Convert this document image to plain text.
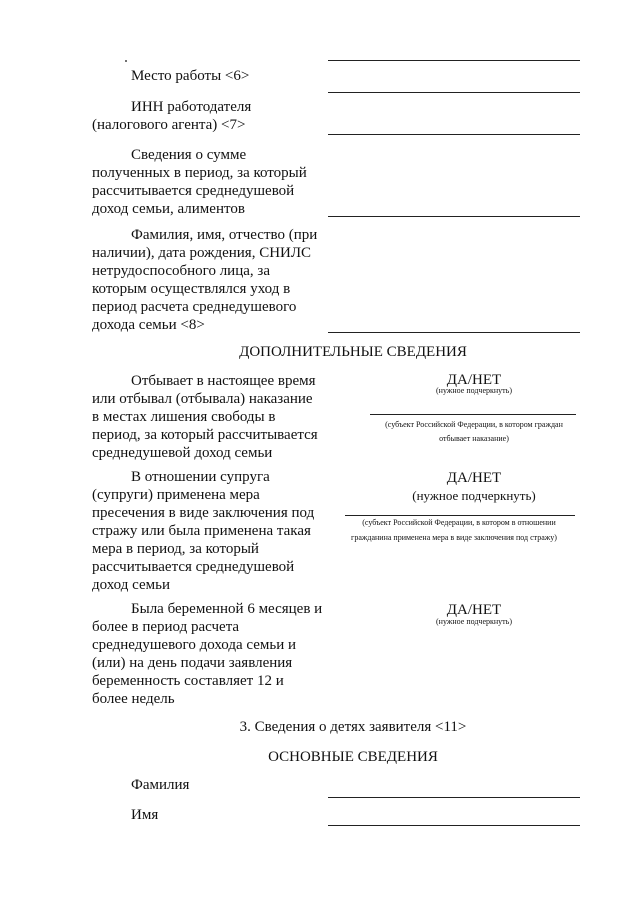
Место работы <6>
ИНН работодателя
(налогового агента) <7>
Сведения о сумме
полученных в период, за который
рассчитывается среднедушевой
доход семьи, алиментов
Фамилия, имя, отчество (при
наличии), дата рождения, СНИЛС
нетрудоспособного лица, за
которым осуществлялся уход в
период расчета среднедушевого
дохода семьи <8>
ДОПОЛНИТЕЛЬНЫЕ СВЕДЕНИЯ
Отбывает в настоящее время
или отбывал (отбывала) наказание
в местах лишения свободы в
период, за который рассчитывается
среднедушевой доход семьи
ДА/НЕТ
(нужное подчеркнуть)
(субъект Российской Федерации, в котором граждан
отбывает наказание)
В отношении супруга
(супруги) применена мера
пресечения в виде заключения под
стражу или была применена такая
мера в период, за который
рассчитывается среднедушевой
доход семьи
ДА/НЕТ
(нужное подчеркнуть)
(субъект Российской Федерации, в котором в отношении
гражданина применена мера в виде заключения под стражу)
Была беременной 6 месяцев и
более в период расчета
среднедушевого дохода семьи и
(или) на день подачи заявления
беременность составляет 12 и
более недель
ДА/НЕТ
(нужное подчеркнуть)
3. Сведения о детях заявителя <11>
ОСНОВНЫЕ СВЕДЕНИЯ
Фамилия
Имя
